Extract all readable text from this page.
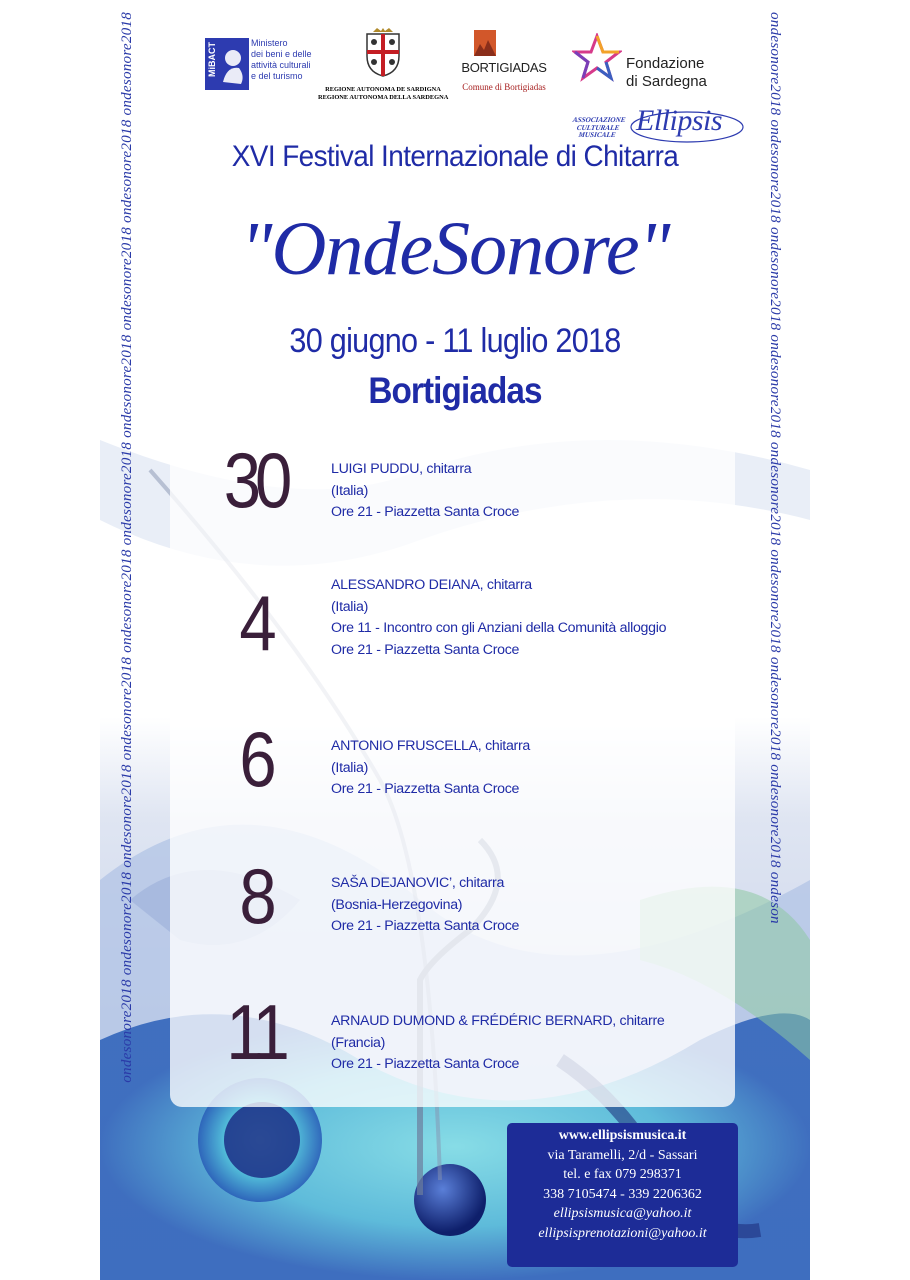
ondesonore2018 ondesonore2018 ondesonore2018 ondesonore2018 ondesonore2018 ondesonore2018 ondesonore2018 ondesonore2018 ondesonore2018 ondesonore2018	ondesonore2018 ondesonore2018 ondesonore2018 ondesonore2018 ondesonore2018 ondesonore2018 ondesonore2018 ondesonore2018 ondeson
MiBACT	Ministero
dei beni e delle
attività culturali
e del turismo
REGIONE AUTONOMA DE SARDIGNA
REGIONE AUTONOMA DELLA SARDEGNA
BORTIGIADAS
Comune di Bortigiadas
Fondazione
di Sardegna
ASSOCIAZIONE
CULTURALE
MUSICALE Ellipsis
XVI Festival Internazionale di Chitarra
"OndeSonore"
30 giugno - 11 luglio 2018
Bortigiadas
30	LUIGI PUDDU, chitarra
(Italia)
Ore 21 - Piazzetta Santa Croce
4	ALESSANDRO DEIANA, chitarra
(Italia)
Ore 11 - Incontro con gli Anziani della Comunità alloggio
Ore 21 - Piazzetta Santa Croce
6	ANTONIO FRUSCELLA, chitarra
(Italia)
Ore 21 - Piazzetta Santa Croce
8	SAŠA DEJANOVIC’, chitarra
(Bosnia-Herzegovina)
Ore 21 - Piazzetta Santa Croce
11	ARNAUD DUMOND & FRÉDÉRIC BERNARD, chitarre
(Francia)
Ore 21 - Piazzetta Santa Croce
www.ellipsismusica.it
via Taramelli, 2/d - Sassari
tel. e fax 079 298371
338 7105474 - 339 2206362
ellipsismusica@yahoo.it
ellipsisprenotazioni@yahoo.it
